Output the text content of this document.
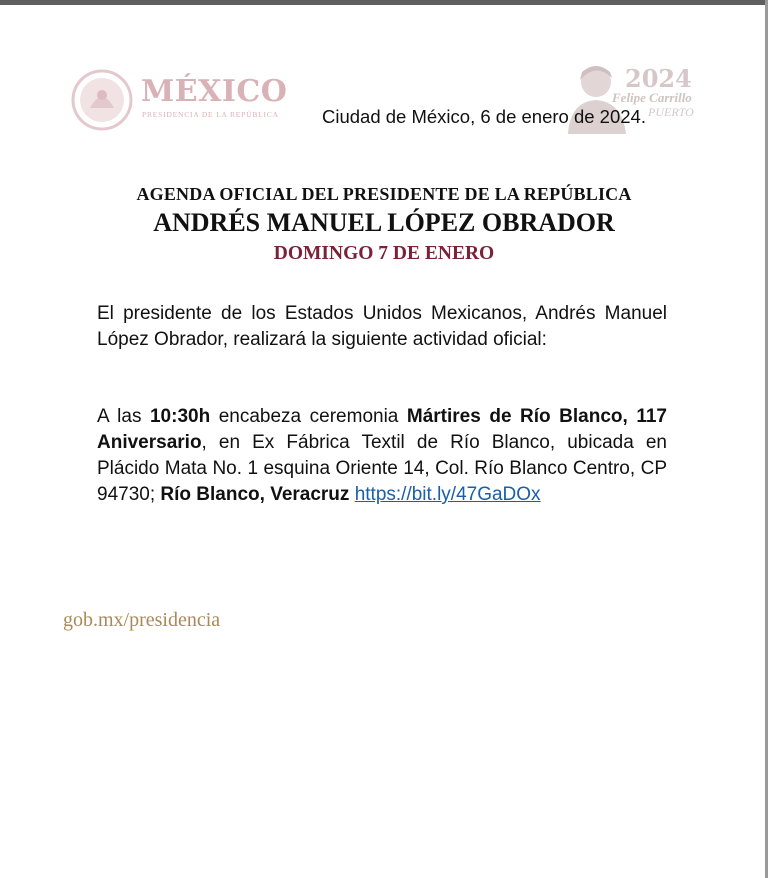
MÉXICO
PRESIDENCIA DE LA REPÚBLICA
2024
Felipe Carrillo
PUERTO
Ciudad de México, 6 de enero de 2024.
AGENDA OFICIAL DEL PRESIDENTE DE LA REPÚBLICA
ANDRÉS MANUEL LÓPEZ OBRADOR
DOMINGO 7 DE ENERO
El presidente de los Estados Unidos Mexicanos, Andrés Manuel López Obrador, realizará la siguiente actividad oficial:
A las 10:30h encabeza ceremonia Mártires de Río Blanco, 117 Aniversario, en Ex Fábrica Textil de Río Blanco, ubicada en Plácido Mata No. 1 esquina Oriente 14, Col. Río Blanco Centro, CP 94730; Río Blanco, Veracruz https://bit.ly/47GaDOx
gob.mx/presidencia
